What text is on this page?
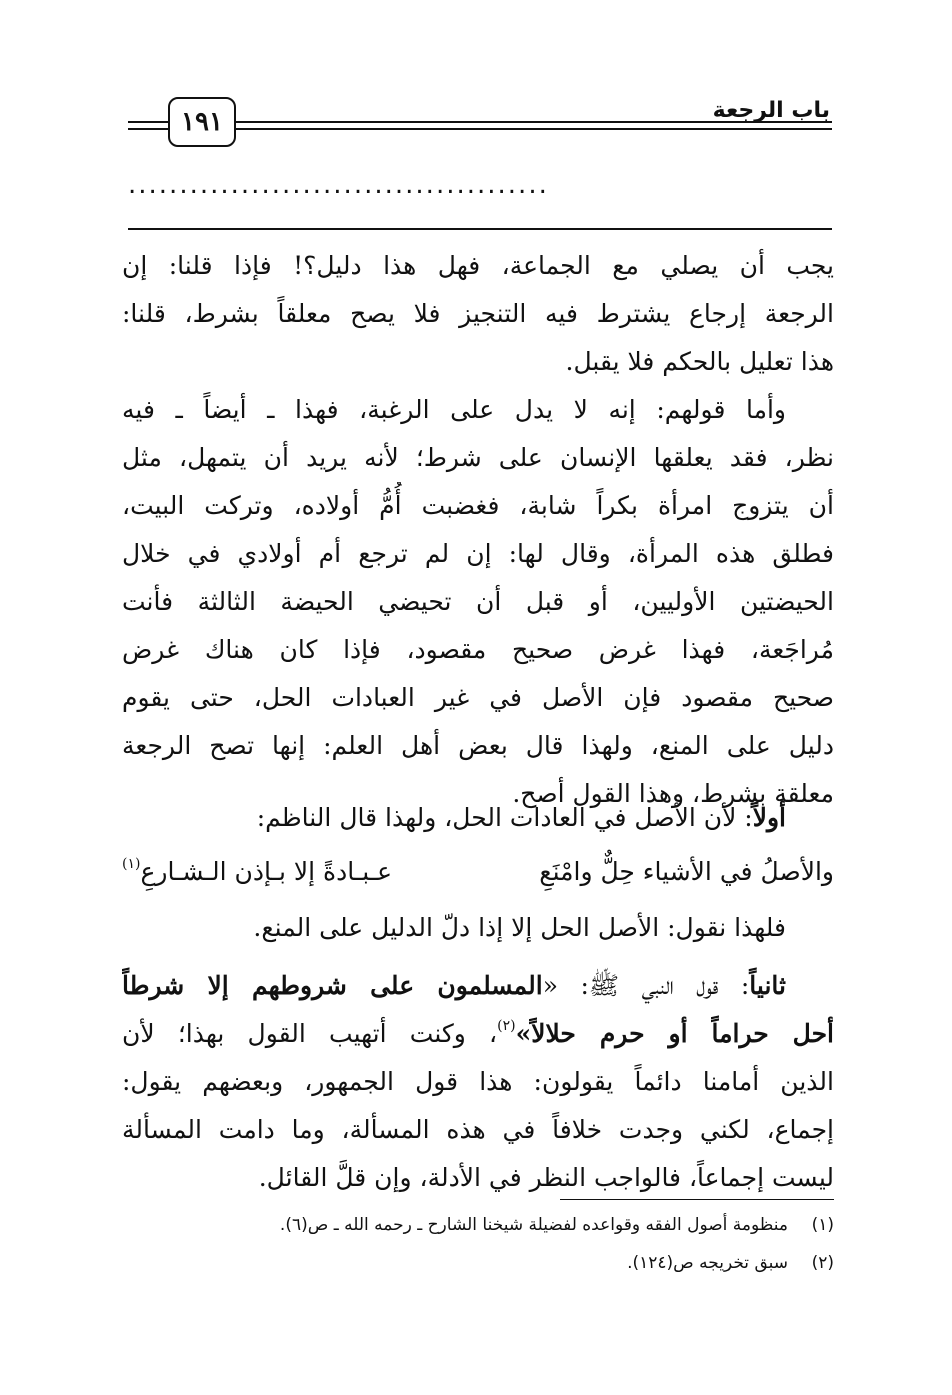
١٩١	باب الرجعة
.........................................
يجب أن يصلي مع الجماعة، فهل هذا دليل؟! فإذا قلنا: إن
الرجعة إرجاع يشترط فيه التنجيز فلا يصح معلقاً بشرط، قلنا:
هذا تعليل بالحكم فلا يقبل.
وأما قولهم: إنه لا يدل على الرغبة، فهذا ـ أيضاً ـ فيه
نظر، فقد يعلقها الإنسان على شرط؛ لأنه يريد أن يتمهل، مثل
أن يتزوج امرأة بكراً شابة، فغضبت أُمُّ أولاده، وتركت البيت،
فطلق هذه المرأة، وقال لها: إن لم ترجع أم أولادي في خلال
الحيضتين الأوليين، أو قبل أن تحيضي الحيضة الثالثة فأنت
مُراجَعة، فهذا غرض صحيح مقصود، فإذا كان هناك غرض
صحيح مقصود فإن الأصل في غير العبادات الحل، حتى يقوم
دليل على المنع، ولهذا قال بعض أهل العلم: إنها تصح الرجعة
معلقة بشرط، وهذا القول أصح.
أولاً: لأن الأصل في العادات الحل، ولهذا قال الناظم:
والأصلُ في الأشياء حِلٌّ وامْنَعِ
عـبـادةً إلا بـإذن الـشـارعِ$^{(١)}$
فلهذا نقول: الأصل الحل إلا إذا دلّ الدليل على المنع.
ثانياً: قول النبي ﷺ: «المسلمون على شروطهم إلا شرطاً
أحل حراماً أو حرم حلالاً»$^{(٢)}$، وكنت أتهيب القول بهذا؛ لأن
الذين أمامنا دائماً يقولون: هذا قول الجمهور، وبعضهم يقول:
إجماع، لكني وجدت خلافاً في هذه المسألة، وما دامت المسألة
ليست إجماعاً، فالواجب النظر في الأدلة، وإن قلَّ القائل.
(١)منظومة أصول الفقه وقواعده لفضيلة شيخنا الشارح ـ رحمه الله ـ ص(٦).
(٢)سبق تخريجه ص(١٢٤).
